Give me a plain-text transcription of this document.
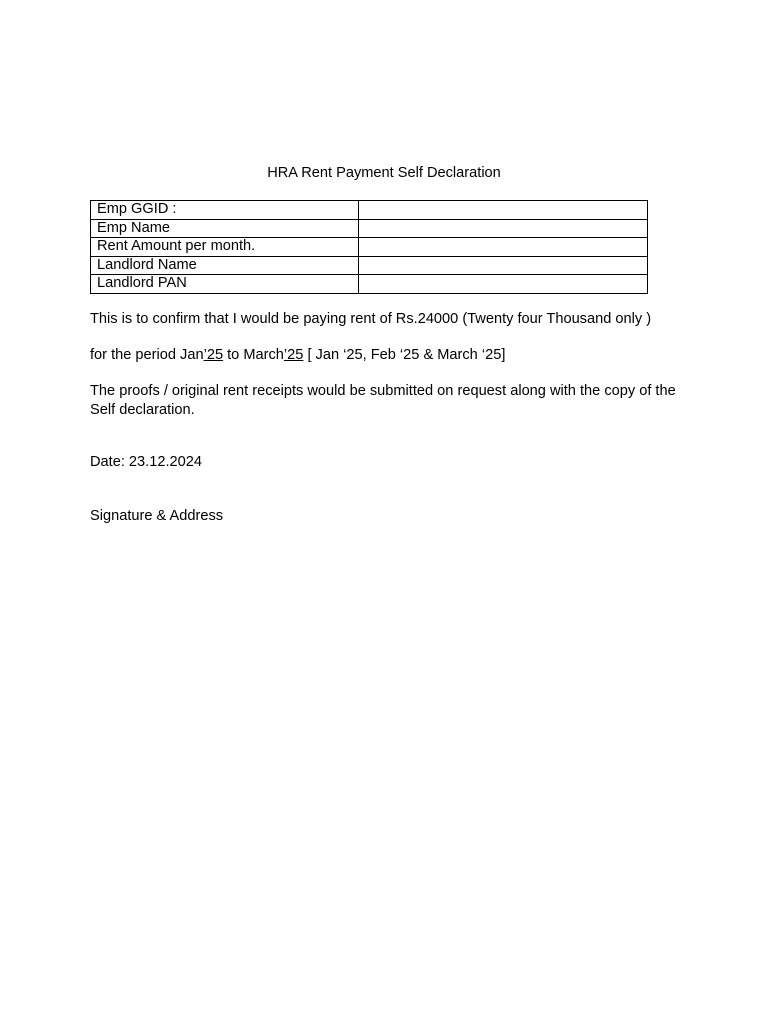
HRA Rent Payment Self Declaration
Emp GGID :	
Emp Name	
Rent Amount per month.	
Landlord Name	
Landlord PAN	
This is to confirm that I would be paying rent of Rs.24000 (Twenty four Thousand only )
for the period Jan’25 to March’25 [ Jan ‘25, Feb ‘25 & March ‘25]
The proofs / original rent receipts would be submitted on request along with the copy of the Self declaration.
Date: 23.12.2024
Signature & Address
